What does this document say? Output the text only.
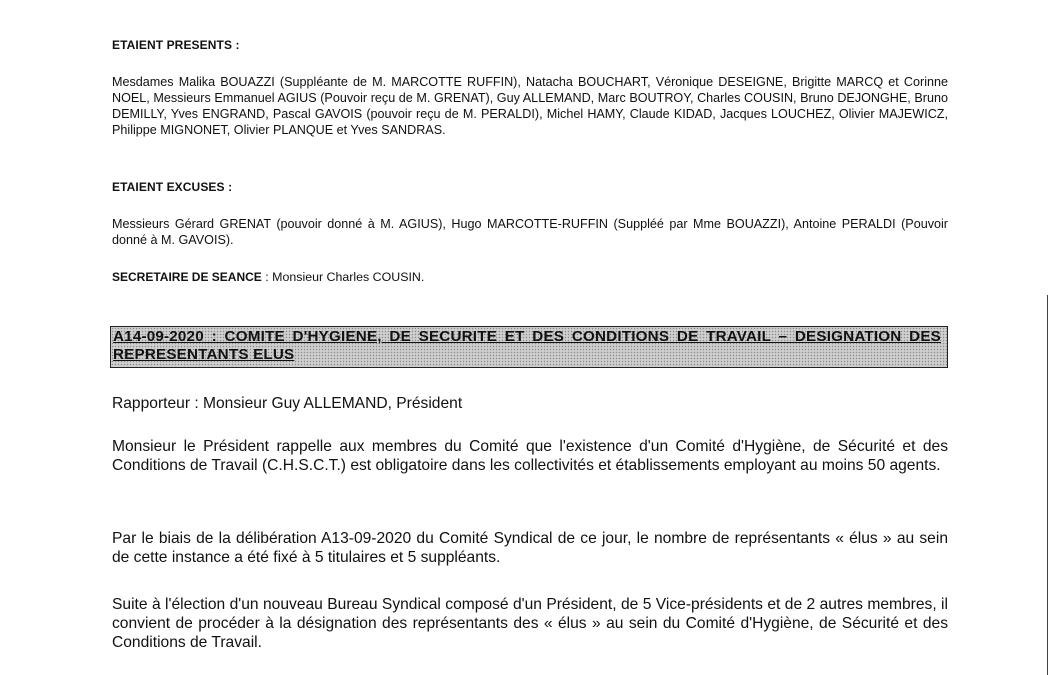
ETAIENT PRESENTS :
Mesdames Malika BOUAZZI (Suppléante de M. MARCOTTE RUFFIN), Natacha BOUCHART, Véronique DESEIGNE, Brigitte MARCQ et Corinne NOEL, Messieurs Emmanuel AGIUS (Pouvoir reçu de M. GRENAT), Guy ALLEMAND, Marc BOUTROY, Charles COUSIN, Bruno DEJONGHE, Bruno DEMILLY, Yves ENGRAND, Pascal GAVOIS (pouvoir reçu de M. PERALDI), Michel HAMY, Claude KIDAD, Jacques LOUCHEZ, Olivier MAJEWICZ, Philippe MIGNONET, Olivier PLANQUE et Yves SANDRAS.
ETAIENT EXCUSES :
Messieurs Gérard GRENAT (pouvoir donné à M. AGIUS), Hugo MARCOTTE-RUFFIN (Suppléé par Mme BOUAZZI), Antoine PERALDI (Pouvoir donné à M. GAVOIS).
SECRETAIRE DE SEANCE : Monsieur Charles COUSIN.
A14-09-2020 : COMITE D'HYGIENE, DE SECURITE ET DES CONDITIONS DE TRAVAIL – DESIGNATION DES REPRESENTANTS ELUS
Rapporteur : Monsieur Guy ALLEMAND, Président
Monsieur le Président rappelle aux membres du Comité que l'existence d'un Comité d'Hygiène, de Sécurité et des Conditions de Travail (C.H.S.C.T.) est obligatoire dans les collectivités et établissements employant au moins 50 agents.
Par le biais de la délibération A13-09-2020 du Comité Syndical de ce jour, le nombre de représentants « élus » au sein de cette instance a été fixé à 5 titulaires et 5 suppléants.
Suite à l'élection d'un nouveau Bureau Syndical composé d'un Président, de 5 Vice-présidents et de 2 autres membres, il convient de procéder à la désignation des représentants des « élus » au sein du Comité d'Hygiène, de Sécurité et des Conditions de Travail.
